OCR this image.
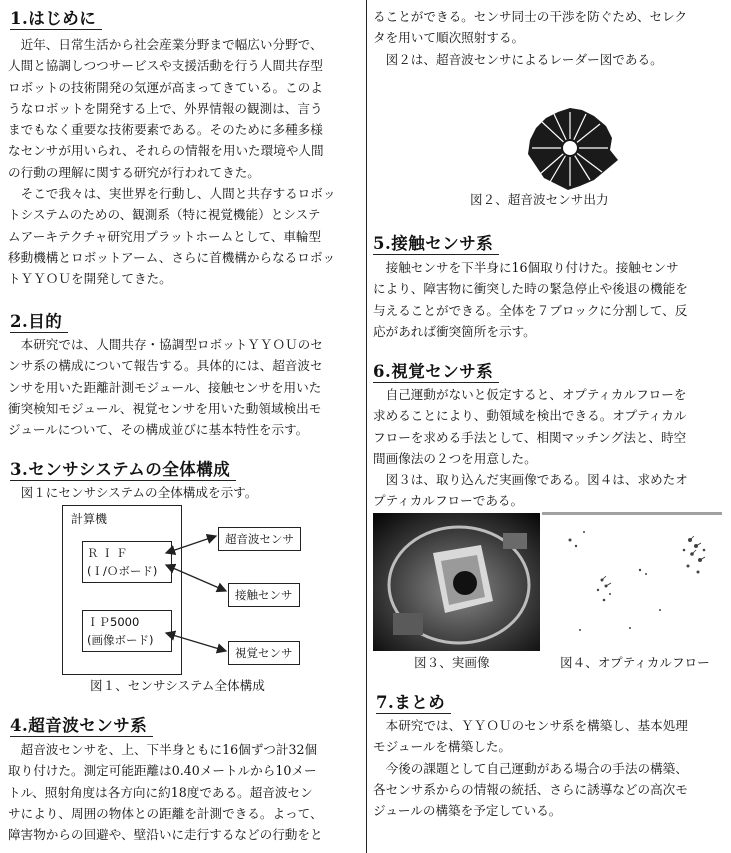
1.はじめに
　近年、日常生活から社会産業分野まで幅広い分野で、
人間と協調しつつサービスや支援活動を行う人間共存型
ロボットの技術開発の気運が高まってきている。このよ
うなロボットを開発する上で、外界情報の観測は、言う
までもなく重要な技術要素である。そのために多種多様
なセンサが用いられ、それらの情報を用いた環境や人間
の行動の理解に関する研究が行われてきた。
　そこで我々は、実世界を行動し、人間と共存するロボッ
トシステムのための、観測系（特に視覚機能）とシステ
ムアーキテクチャ研究用プラットホームとして、車輪型
移動機構とロボットアーム、さらに首機構からなるロボッ
トＹＹＯＵを開発してきた。
2.目的
　本研究では、人間共存・協調型ロボットＹＹＯＵのセ
ンサ系の構成について報告する。具体的には、超音波セ
ンサを用いた距離計測モジュール、接触センサを用いた
衝突検知モジュール、視覚センサを用いた動領域検出モ
ジュールについて、その構成並びに基本特性を示す。
3.センサシステムの全体構成
　図１にセンサシステムの全体構成を示す。
計算機
ＲＩＦ
(Ｉ/Ｏボード)
ＩＰ5000
(画像ボード)
超音波センサ
接触センサ
視覚センサ
図１、センサシステム全体構成
4.超音波センサ系
　超音波センサを、上、下半身ともに16個ずつ計32個
取り付けた。測定可能距離は0.40メートルから10メー
トル、照射角度は各方向に約18度である。超音波セン
サにより、周囲の物体との距離を計測できる。よって、
障害物からの回避や、壁沿いに走行するなどの行動をと
ることができる。センサ同士の干渉を防ぐため、セレク
タを用いて順次照射する。
　図２は、超音波センサによるレーダー図である。
図２、超音波センサ出力
5.接触センサ系
　接触センサを下半身に16個取り付けた。接触センサ
により、障害物に衝突した時の緊急停止や後退の機能を
与えることができる。全体を７ブロックに分割して、反
応があれば衝突箇所を示す。
6.視覚センサ系
　自己運動がないと仮定すると、オプティカルフローを
求めることにより、動領域を検出できる。オプティカル
フローを求める手法として、相関マッチング法と、時空
間画像法の２つを用意した。
　図３は、取り込んだ実画像である。図４は、求めたオ
プティカルフローである。
図３、実画像	図４、オプティカルフロー
7.まとめ
　本研究では、ＹＹＯＵのセンサ系を構築し、基本処理
モジュールを構築した。
　今後の課題として自己運動がある場合の手法の構築、
各センサ系からの情報の統括、さらに誘導などの高次モ
ジュールの構築を予定している。
